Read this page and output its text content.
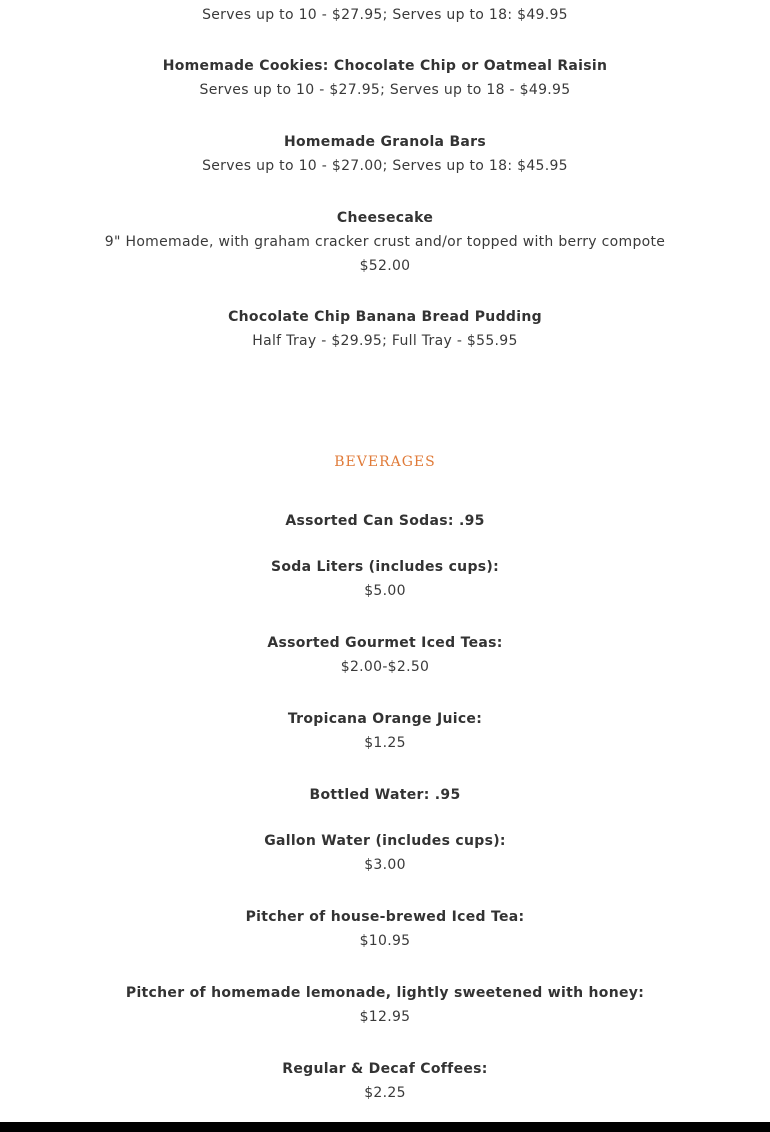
Serves up to 10 - $27.95; Serves up to 18: $49.95
Homemade Cookies: Chocolate Chip or Oatmeal Raisin
Serves up to 10 - $27.95; Serves up to 18 - $49.95
Homemade Granola Bars
Serves up to 10 - $27.00; Serves up to 18: $45.95
Cheesecake
9" Homemade, with graham cracker crust and/or topped with berry compote
$52.00
Chocolate Chip Banana Bread Pudding
Half Tray - $29.95; Full Tray - $55.95
BEVERAGES
Assorted Can Sodas: .95
Soda Liters (includes cups):
$5.00
Assorted Gourmet Iced Teas:
$2.00-$2.50
Tropicana Orange Juice:
$1.25
Bottled Water: .95
Gallon Water (includes cups):
$3.00
Pitcher of house-brewed Iced Tea:
$10.95
Pitcher of homemade lemonade, lightly sweetened with honey:
$12.95
Regular & Decaf Coffees:
$2.25
